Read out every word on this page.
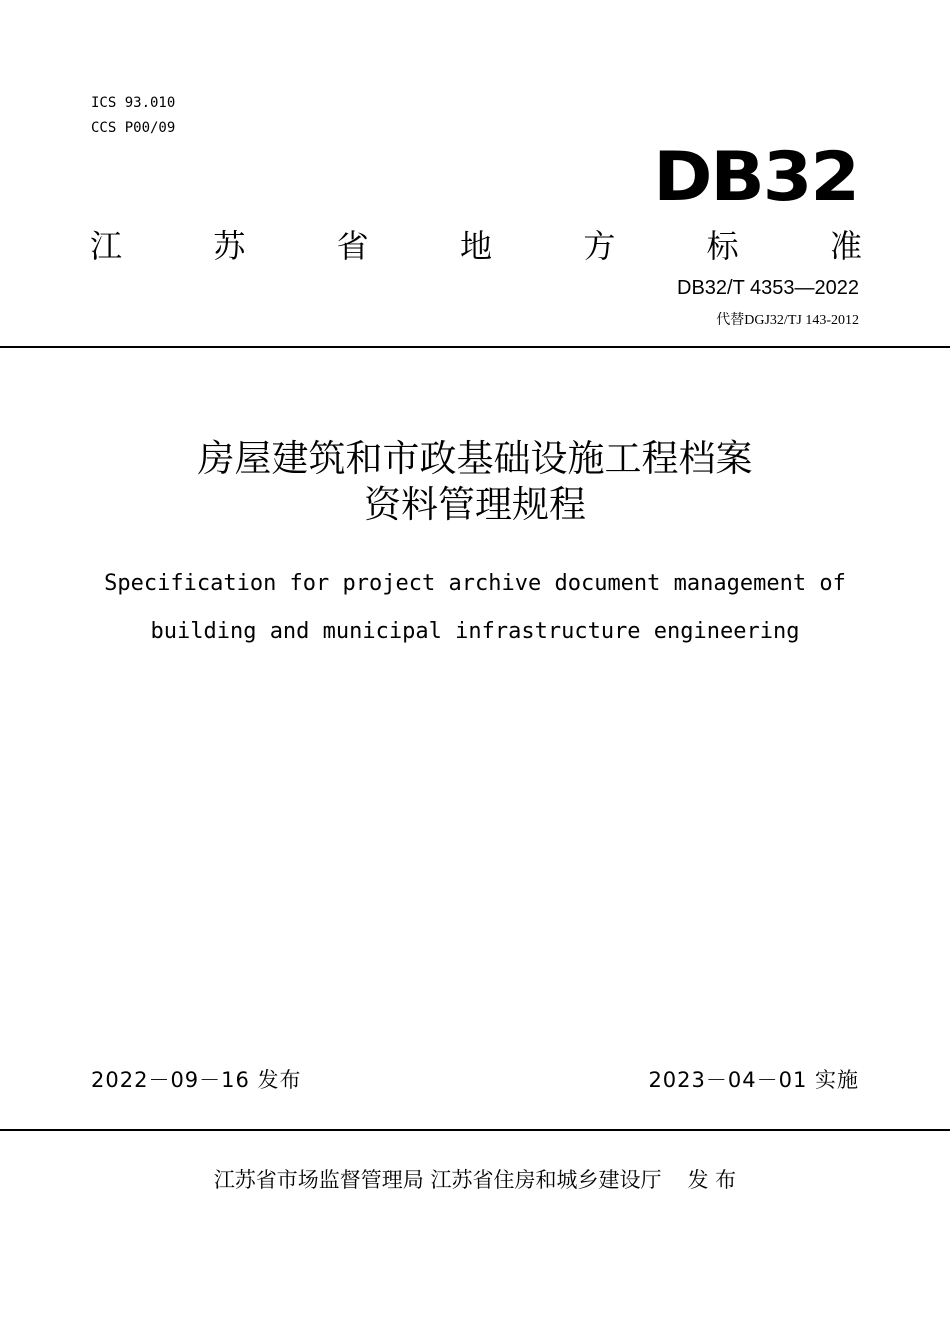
ICS 93.010
CCS P00/09
DB32
江	苏	省	地	方	标	准
DB32/T 4353—2022
代替DGJ32/TJ 143-2012
房屋建筑和市政基础设施工程档案
资料管理规程
Specification for project archive document management of
building and municipal infrastructure engineering
2022－09－16 发布	2023－04－01 实施
江苏省市场监督管理局 江苏省住房和城乡建设厅 发 布
